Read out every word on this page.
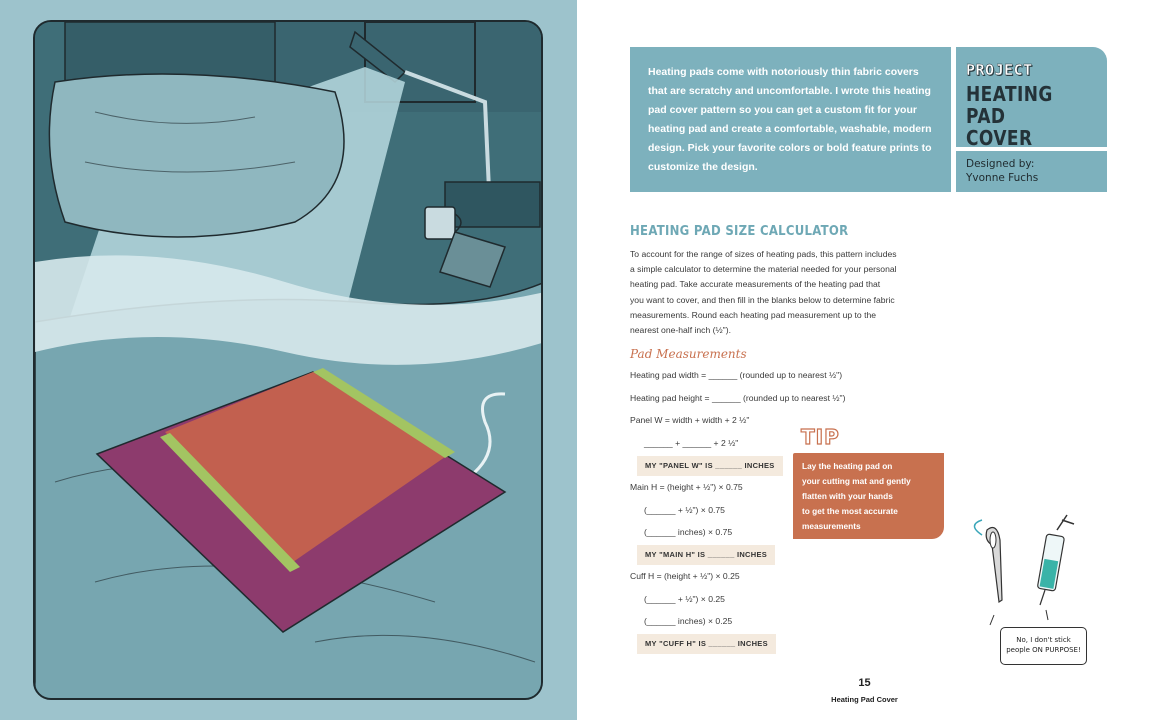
Heating pads come with notoriously thin fabric covers

that are scratchy and uncomfortable. I wrote this heating

pad cover pattern so you can get a custom fit for your

heating pad and create a comfortable, washable, modern

design. Pick your favorite colors or bold feature prints to

customize the design.

PROJECT
HEATING PAD
COVER
Designed by:
Yvonne Fuchs
HEATING PAD SIZE CALCULATOR
To account for the range of sizes of heating pads, this pattern includes
a simple calculator to determine the material needed for your personal
heating pad. Take accurate measurements of the heating pad that
you want to cover, and then fill in the blanks below to determine fabric
measurements. Round each heating pad measurement up to the
nearest one-half inch (½").
Pad Measurements
Heating pad width = ______ (rounded up to nearest ½")
Heating pad height = ______ (rounded up to nearest ½")
Panel W = width + width + 2 ½"
______ + ______ + 2 ½"
MY "PANEL W" IS ______ INCHES
Main H = (height + ½") × 0.75
(______ + ½") × 0.75
(______ inches) × 0.75
MY "MAIN H" IS ______ INCHES
Cuff H = (height + ½") × 0.25
(______ + ½") × 0.25
(______ inches) × 0.25
MY "CUFF H" IS ______ INCHES
TIP

Lay the heating pad on

your cutting mat and gently

flatten with your hands

to get the most accurate

measurements

No, I don't stick
people ON PURPOSE!
15
Heating Pad Cover
